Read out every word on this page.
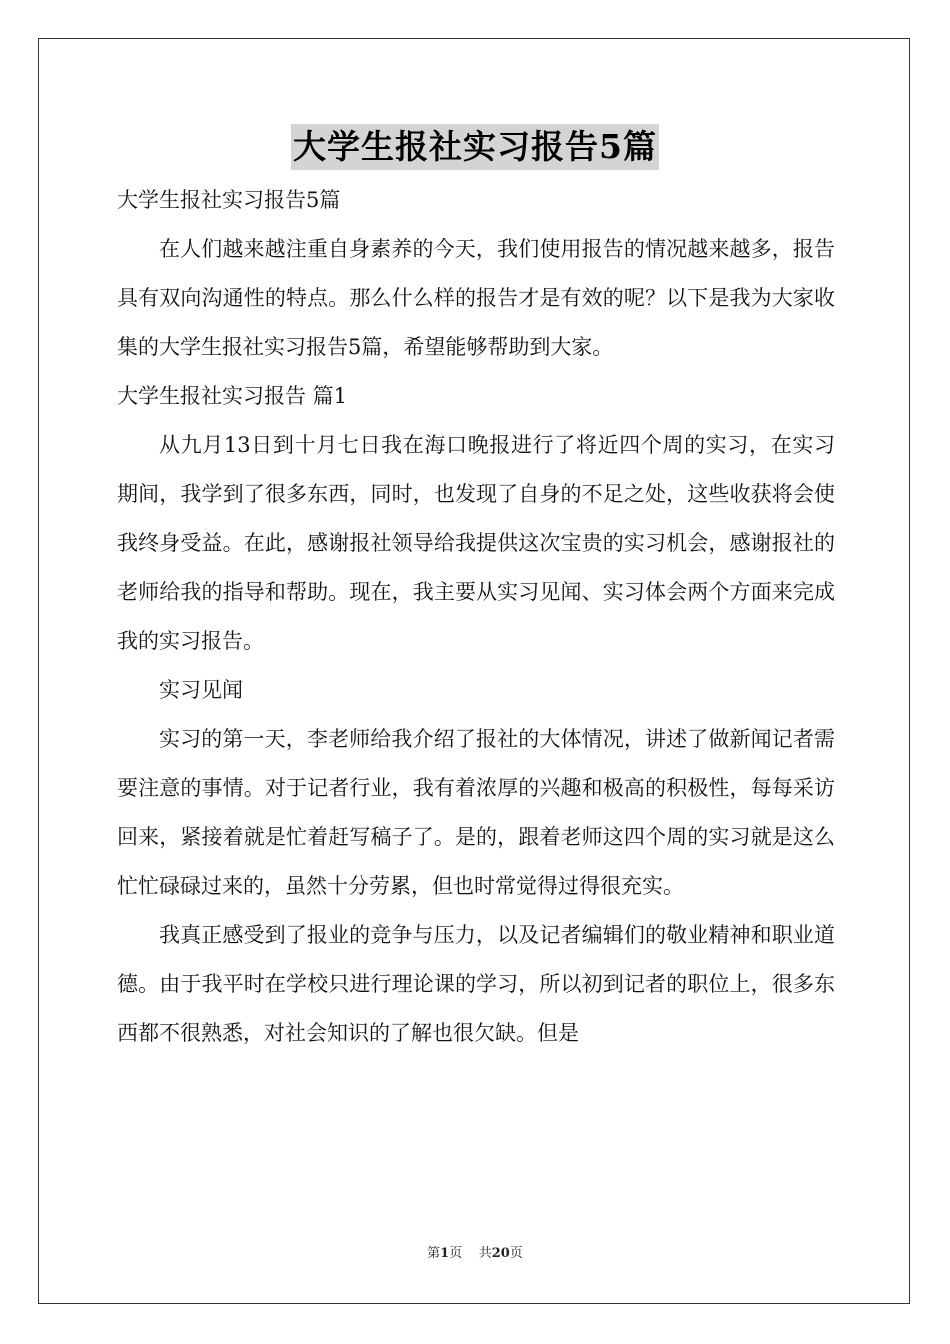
大学生报社实习报告5篇

大学生报社实习报告5篇

在人们越来越注重自身素养的今天，我们使用报告的情况越来越多，报告具有双向沟通性的特点。那么什么样的报告才是有效的呢？以下是我为大家收集的大学生报社实习报告5篇，希望能够帮助到大家。

大学生报社实习报告 篇1

从九月13日到十月七日我在海口晚报进行了将近四个周的实习，在实习期间，我学到了很多东西，同时，也发现了自身的不足之处，这些收获将会使我终身受益。在此，感谢报社领导给我提供这次宝贵的实习机会，感谢报社的老师给我的指导和帮助。现在，我主要从实习见闻、实习体会两个方面来完成我的实习报告。

实习见闻

实习的第一天，李老师给我介绍了报社的大体情况，讲述了做新闻记者需要注意的事情。对于记者行业，我有着浓厚的兴趣和极高的积极性，每每采访回来，紧接着就是忙着赶写稿子了。是的，跟着老师这四个周的实习就是这么忙忙碌碌过来的，虽然十分劳累，但也时常觉得过得很充实。

我真正感受到了报业的竞争与压力，以及记者编辑们的敬业精神和职业道德。由于我平时在学校只进行理论课的学习，所以初到记者的职位上，很多东西都不很熟悉，对社会知识的了解也很欠缺。但是

第1页 共20页
